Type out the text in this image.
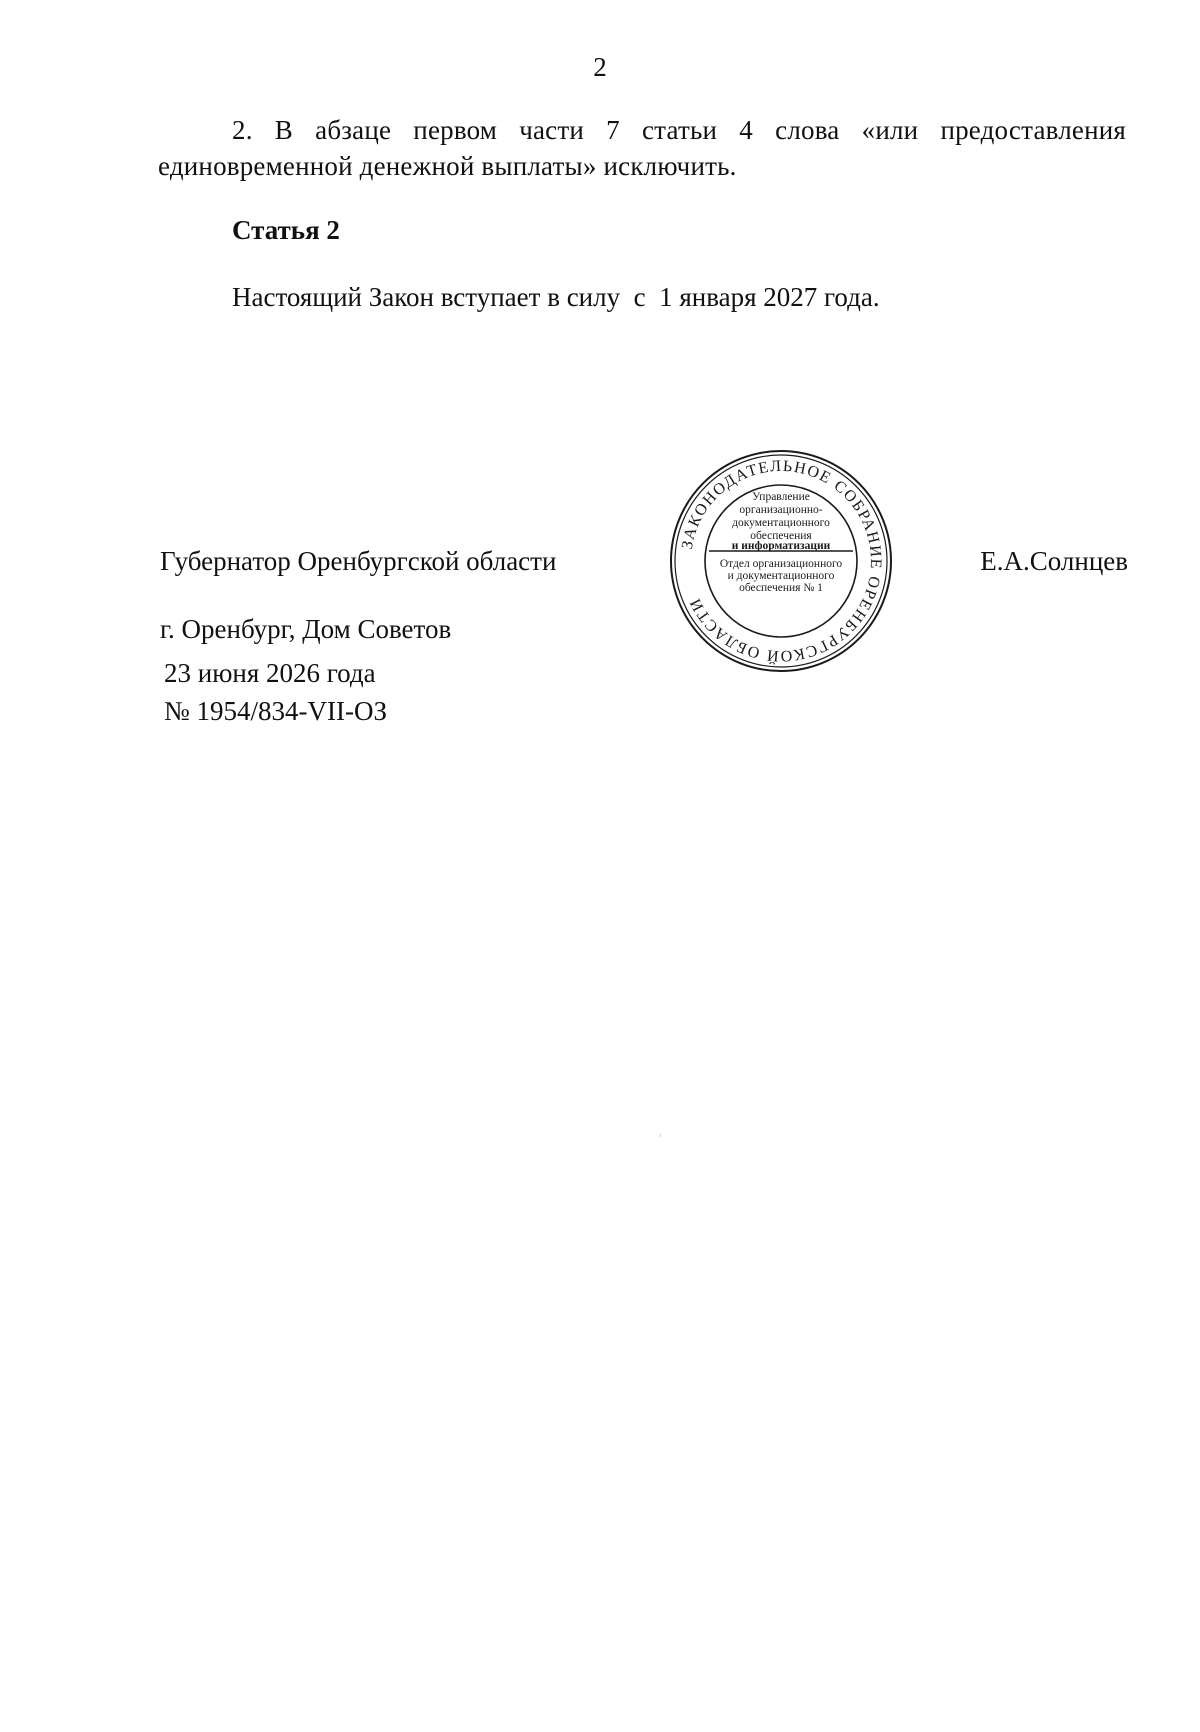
2
2. В абзаце первом части 7 статьи 4 слова «или предоставления единовременной денежной выплаты» исключить.
Статья 2
Настоящий Закон вступает в силу  с  1 января 2027 года.
Губернатор Оренбургской области
ЗАКОНОДАТЕЛЬНОЕ СОБРАНИЕ ОРЕНБУРГСКОЙ ОБЛАСТИ
Управление
организационно-
документационного
обеспечения
и информатизации
Отдел организационного
и документационного
обеспечения № 1
Е.А.Солнцев
г. Оренбург, Дом Советов
23 июня 2026 года
№ 1954/834-VII-ОЗ
